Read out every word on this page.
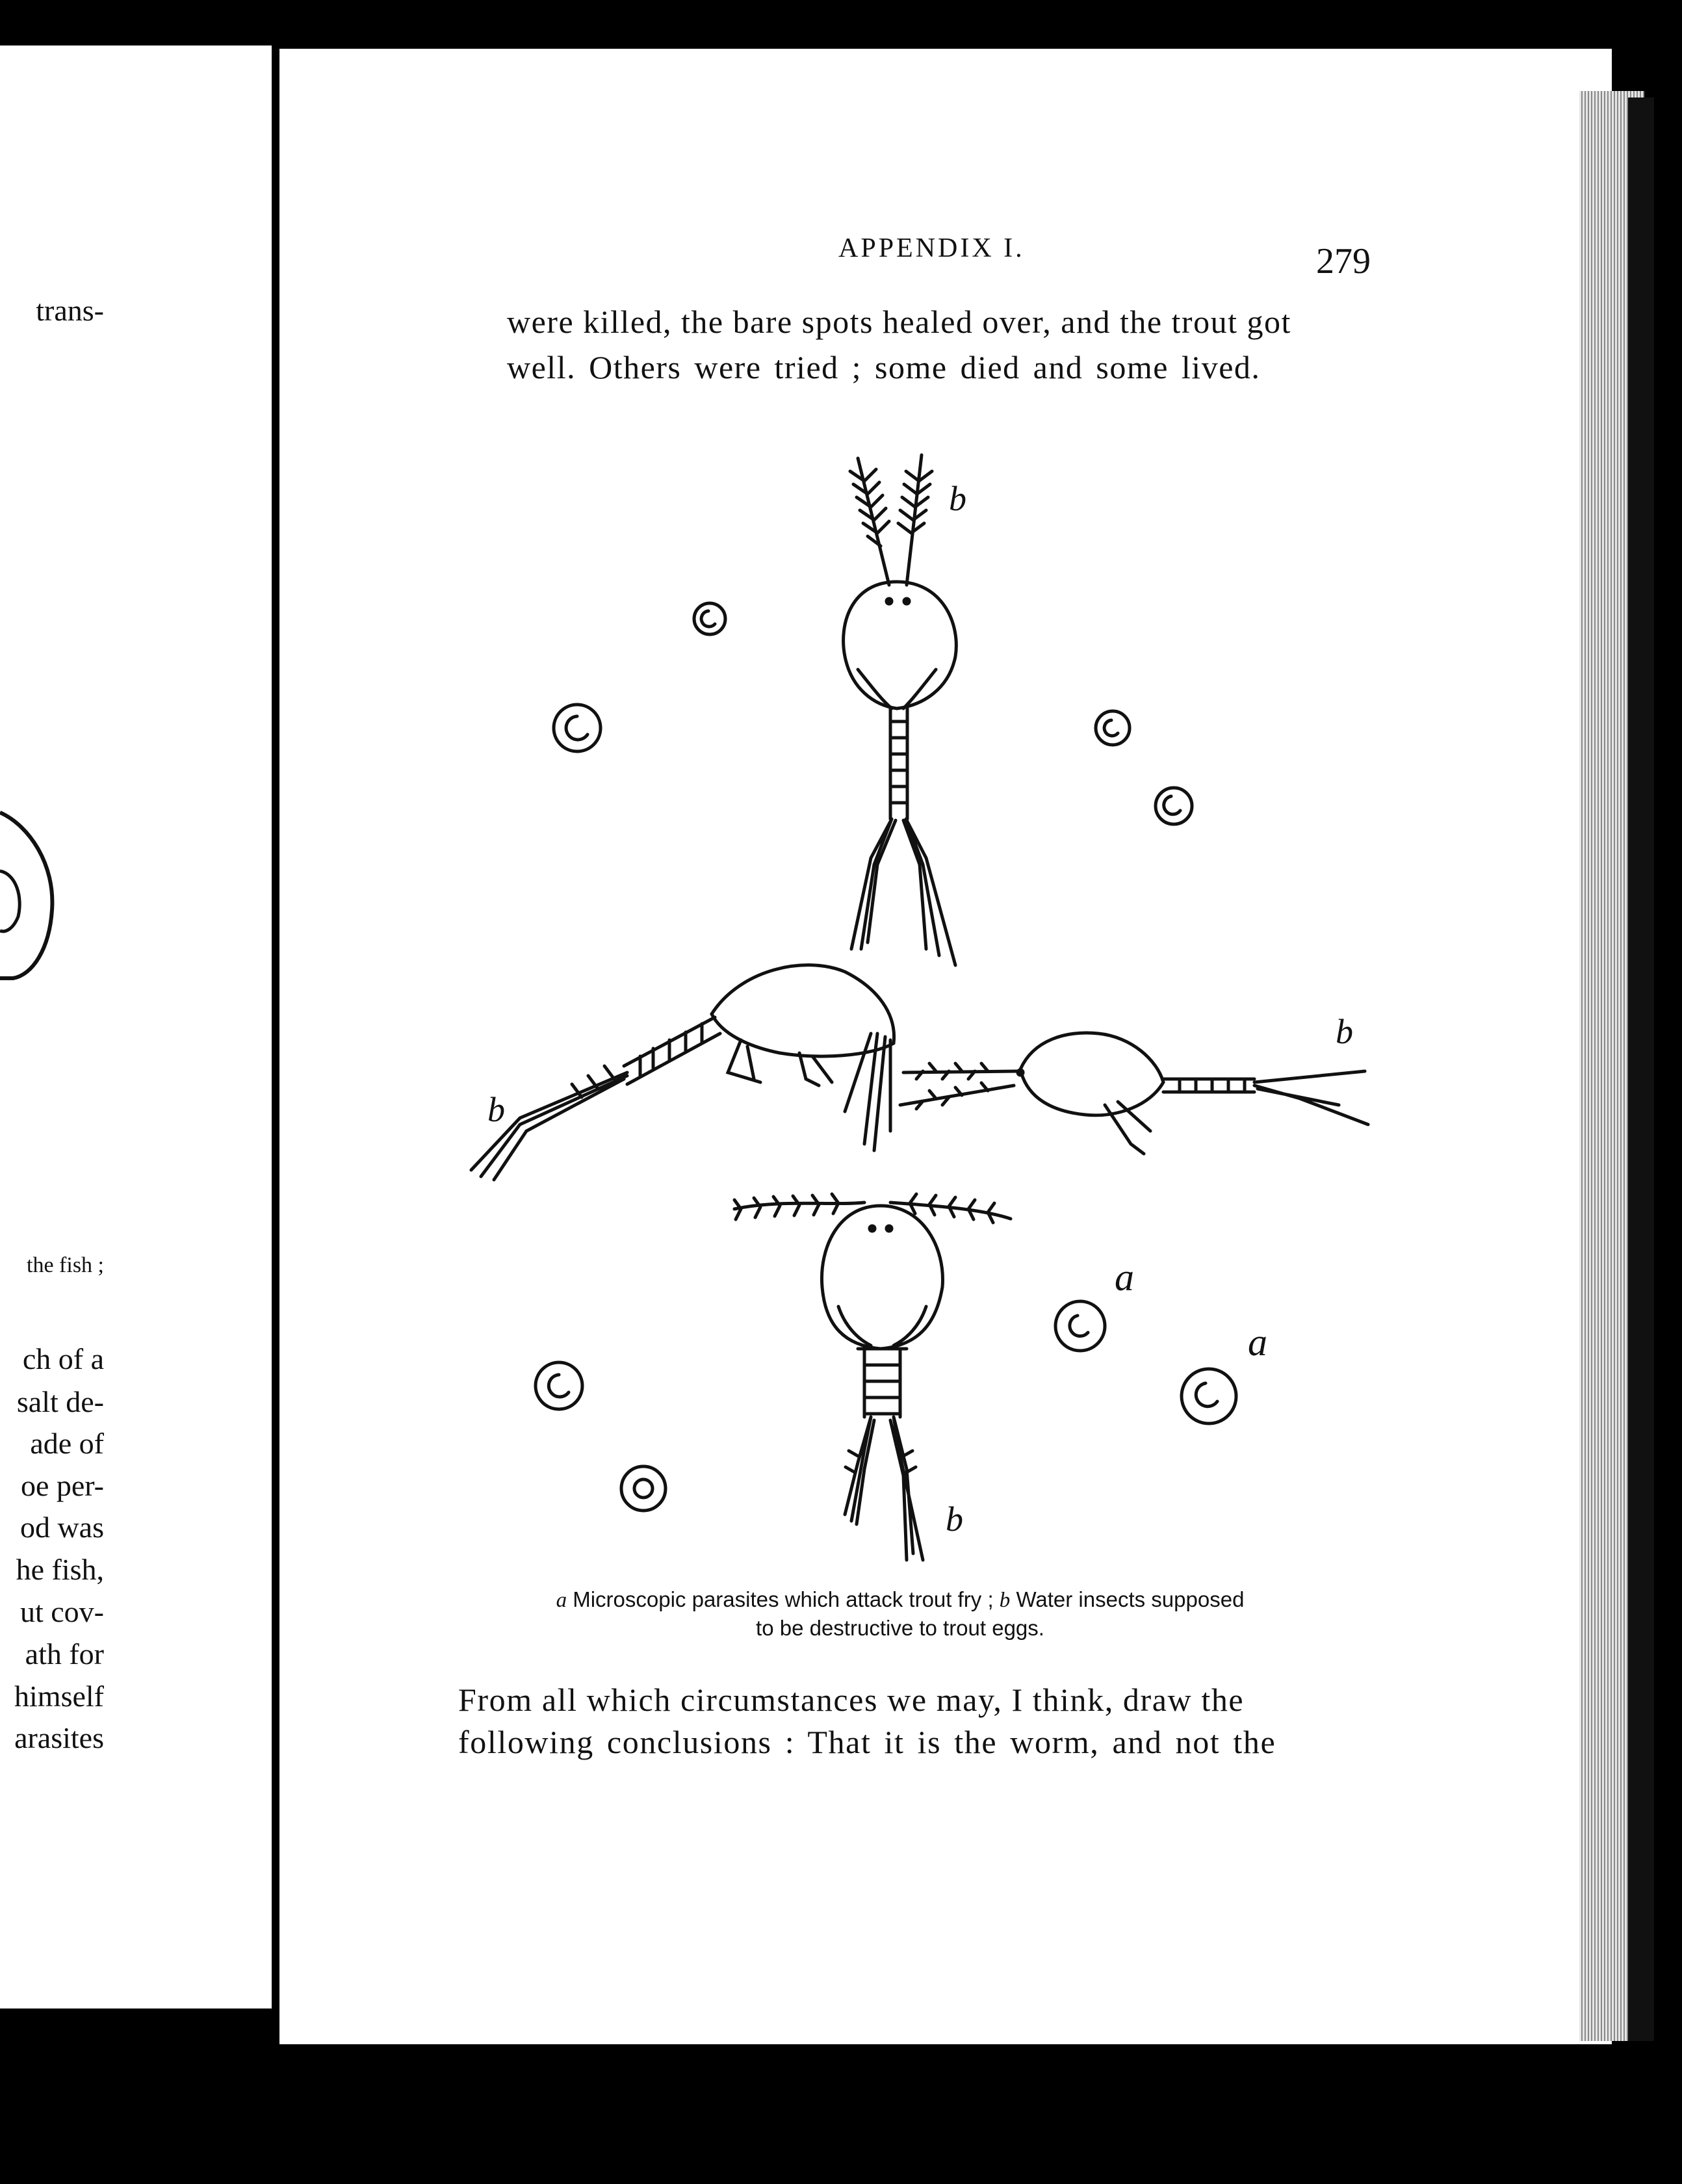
trans-
the fish ;
ch of a
salt de-
ade of
oe per-
od was
he fish,
ut cov-
ath for
himself
arasites
APPENDIX I.	279
were killed, the bare spots healed over, and the trout got
well. Others were tried ; some died and some lived.
b
b
b
b
a
a
a Microscopic parasites which attack trout fry ; b Water insects supposed
to be destructive to trout eggs.
From all which circumstances we may, I think, draw the
following conclusions : That it is the worm, and not the
